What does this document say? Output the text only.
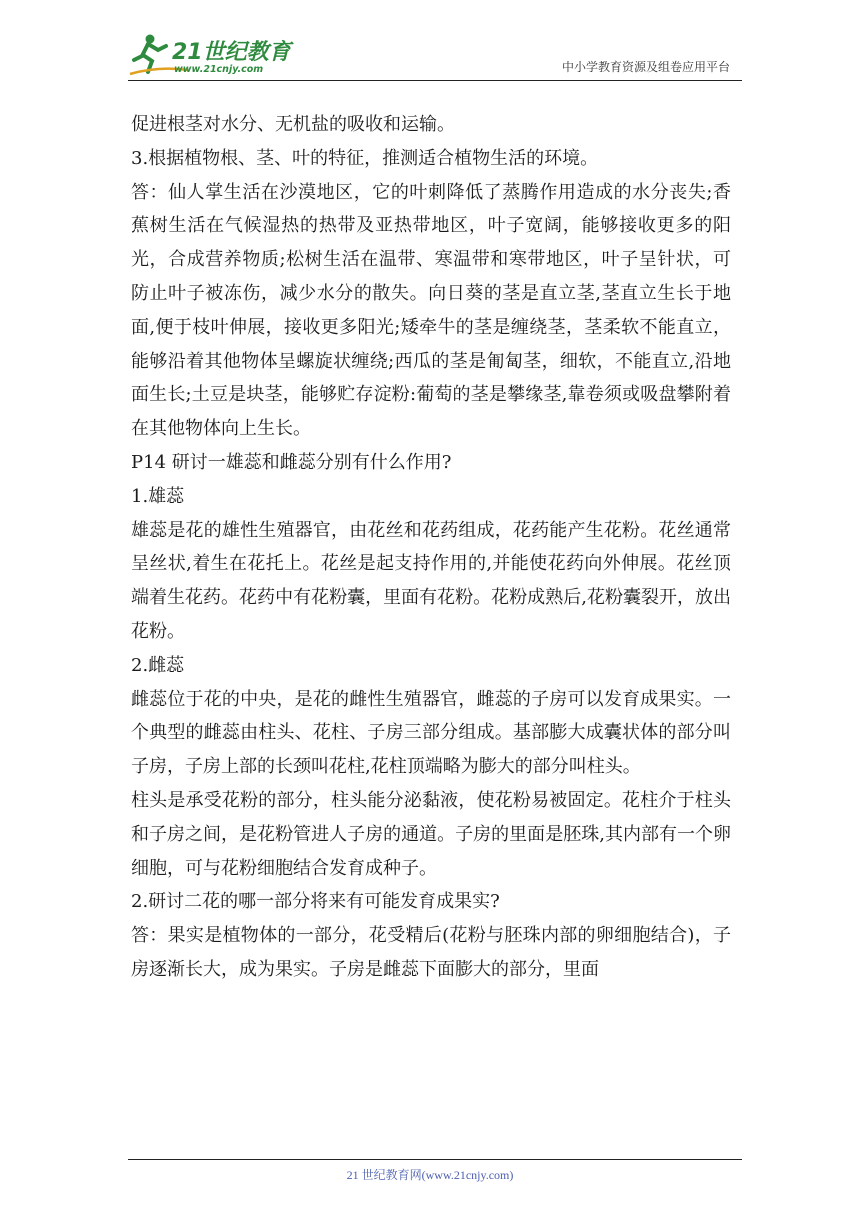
21世纪教育
www.21cnjy.com	中小学教育资源及组卷应用平台

促进根茎对水分、无机盐的吸收和运输。

3.根据植物根、茎、叶的特征，推测适合植物生活的环境。

答：仙人掌生活在沙漠地区，它的叶刺降低了蒸腾作用造成的水分丧失;香蕉树生活在气候湿热的热带及亚热带地区，叶子宽阔，能够接收更多的阳光，合成营养物质;松树生活在温带、寒温带和寒带地区，叶子呈针状，可防止叶子被冻伤，减少水分的散失。向日葵的茎是直立茎,茎直立生长于地面,便于枝叶伸展，接收更多阳光;矮牵牛的茎是缠绕茎，茎柔软不能直立，能够沿着其他物体呈螺旋状缠绕;西瓜的茎是匍匐茎，细软，不能直立,沿地面生长;土豆是块茎，能够贮存淀粉:葡萄的茎是攀缘茎,靠卷须或吸盘攀附着在其他物体向上生长。

P14 研讨一雄蕊和雌蕊分别有什么作用?

1.雄蕊

雄蕊是花的雄性生殖器官，由花丝和花药组成，花药能产生花粉。花丝通常呈丝状,着生在花托上。花丝是起支持作用的,并能使花药向外伸展。花丝顶端着生花药。花药中有花粉囊，里面有花粉。花粉成熟后,花粉囊裂开，放出花粉。

2.雌蕊

雌蕊位于花的中央，是花的雌性生殖器官，雌蕊的子房可以发育成果实。一个典型的雌蕊由柱头、花柱、子房三部分组成。基部膨大成囊状体的部分叫子房，子房上部的长颈叫花柱,花柱顶端略为膨大的部分叫柱头。

柱头是承受花粉的部分，柱头能分泌黏液，使花粉易被固定。花柱介于柱头和子房之间，是花粉管进人子房的通道。子房的里面是胚珠,其内部有一个卵细胞，可与花粉细胞结合发育成种子。

2.研讨二花的哪一部分将来有可能发育成果实?

答：果实是植物体的一部分，花受精后(花粉与胚珠内部的卵细胞结合)，子房逐渐长大，成为果实。子房是雌蕊下面膨大的部分，里面

21 世纪教育网(www.21cnjy.com)
